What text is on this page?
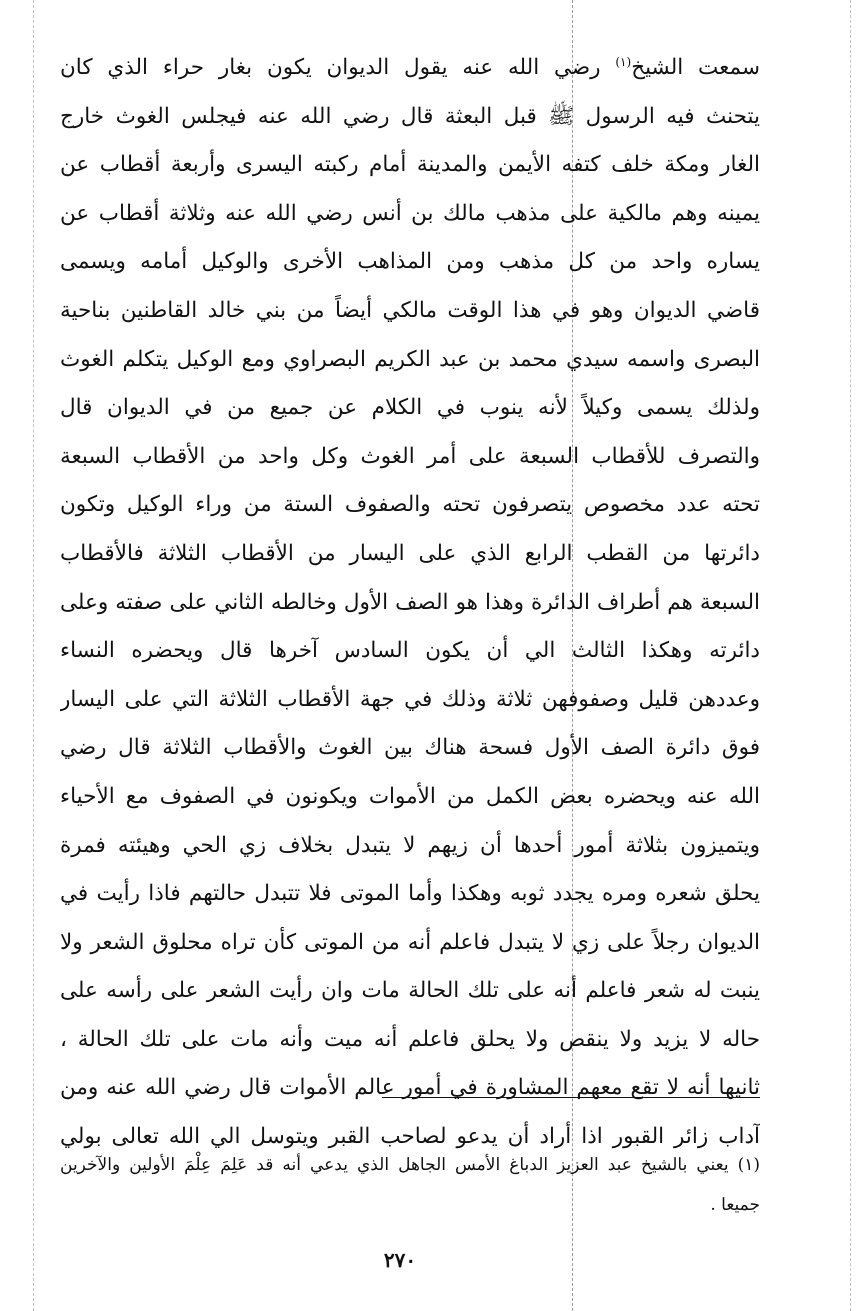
سمعت الشيخ$^{(١)}$ رضي الله عنه يقول الديوان يكون بغار حراء الذي كان
يتحنث فيه الرسول ﷺ قبل البعثة قال رضي الله عنه فيجلس الغوث خارج
الغار ومكة خلف كتفه الأيمن والمدينة أمام ركبته اليسرى وأربعة أقطاب عن
يمينه وهم مالكية على مذهب مالك بن أنس رضي الله عنه وثلاثة أقطاب عن
يساره واحد من كل مذهب ومن المذاهب الأخرى والوكيل أمامه ويسمى
قاضي الديوان وهو في هذا الوقت مالكي أيضاً من بني خالد القاطنين بناحية
البصرى واسمه سيدي محمد بن عبد الكريم البصراوي ومع الوكيل يتكلم الغوث
ولذلك يسمى وكيلاً لأنه ينوب في الكلام عن جميع من في الديوان قال
والتصرف للأقطاب السبعة على أمر الغوث وكل واحد من الأقطاب السبعة
تحته عدد مخصوص يتصرفون تحته والصفوف الستة من وراء الوكيل وتكون
دائرتها من القطب الرابع الذي على اليسار من الأقطاب الثلاثة فالأقطاب
السبعة هم أطراف الدائرة وهذا هو الصف الأول وخالطه الثاني على صفته وعلى
دائرته وهكذا الثالث الي أن يكون السادس آخرها قال ويحضره النساء
وعددهن قليل وصفوفهن ثلاثة وذلك في جهة الأقطاب الثلاثة التي على اليسار
فوق دائرة الصف الأول فسحة هناك بين الغوث والأقطاب الثلاثة قال رضي
الله عنه ويحضره بعض الكمل من الأموات ويكونون في الصفوف مع الأحياء
ويتميزون بثلاثة أمور أحدها أن زيهم لا يتبدل بخلاف زي الحي وهيئته فمرة
يحلق شعره ومره يجدد ثوبه وهكذا وأما الموتى فلا تتبدل حالتهم فاذا رأيت في
الديوان رجلاً على زي لا يتبدل فاعلم أنه من الموتى كأن تراه محلوق الشعر ولا
ينبت له شعر فاعلم أنه على تلك الحالة مات وان رأيت الشعر على رأسه على
حاله لا يزيد ولا ينقص ولا يحلق فاعلم أنه ميت وأنه مات على تلك الحالة ،
ثانيها أنه لا تقع معهم المشاورة في أمور عالم الأموات قال رضي الله عنه ومن
آداب زائر القبور اذا أراد أن يدعو لصاحب القبر ويتوسل الي الله تعالى بولي
(١) يعني بالشيخ عبد العزيز الدباغ الأمس الجاهل الذي يدعي أنه قد عَلِمَ عِلْمَ الأولين والآخرين
جميعا .
٢٧٠
